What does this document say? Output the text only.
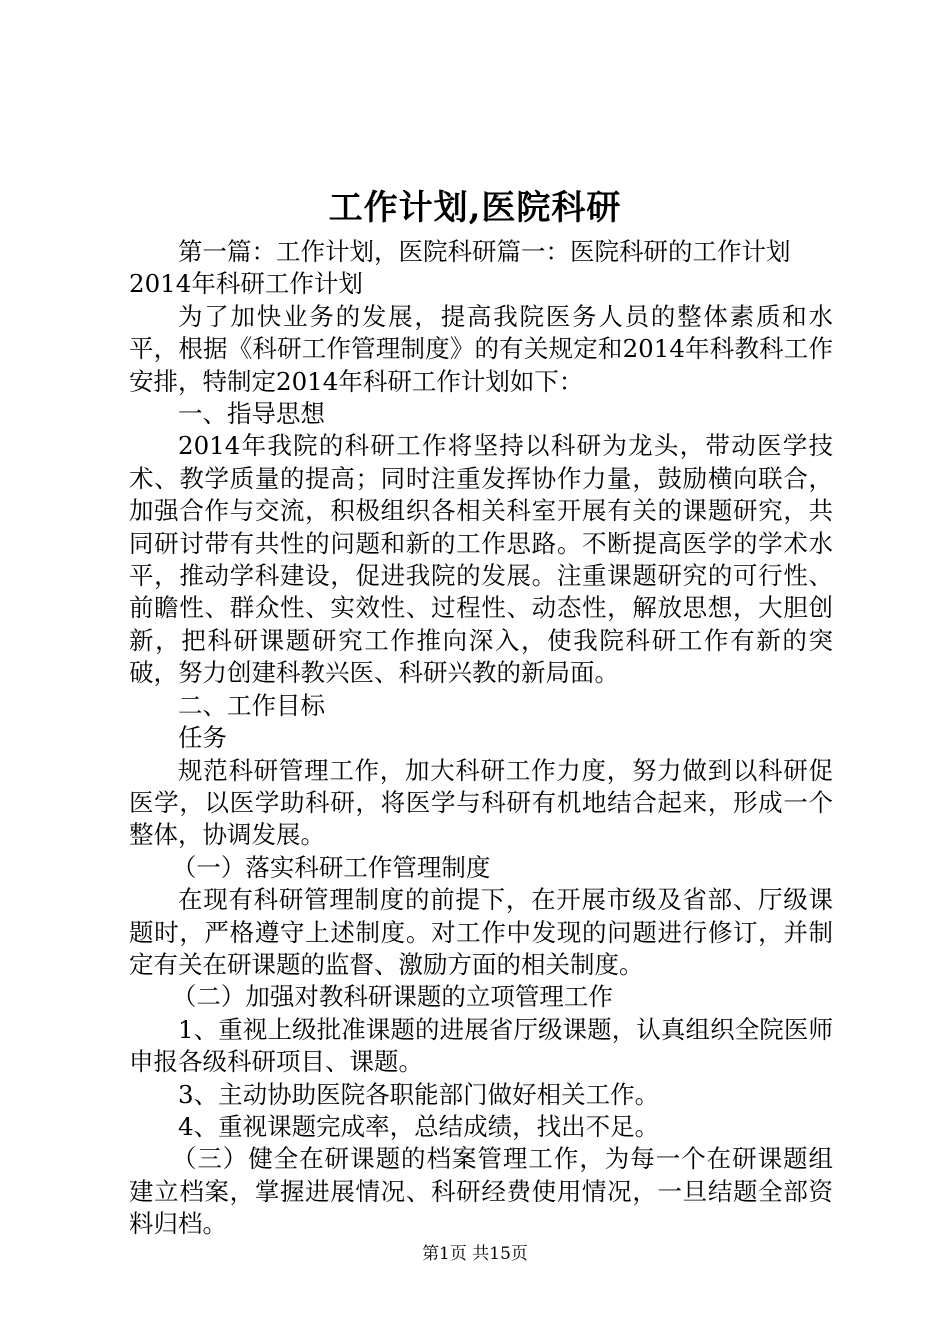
工作计划,医院科研

第一篇：工作计划，医院科研篇一：医院科研的工作计划

2014年科研工作计划

为了加快业务的发展，提高我院医务人员的整体素质和水平，根据《科研工作管理制度》的有关规定和2014年科教科工作安排，特制定2014年科研工作计划如下：

一、指导思想

2014年我院的科研工作将坚持以科研为龙头，带动医学技术、教学质量的提高；同时注重发挥协作力量，鼓励横向联合，加强合作与交流，积极组织各相关科室开展有关的课题研究，共同研讨带有共性的问题和新的工作思路。不断提高医学的学术水平，推动学科建设，促进我院的发展。注重课题研究的可行性、前瞻性、群众性、实效性、过程性、动态性，解放思想，大胆创新，把科研课题研究工作推向深入，使我院科研工作有新的突破，努力创建科教兴医、科研兴教的新局面。

二、工作目标

任务

规范科研管理工作，加大科研工作力度，努力做到以科研促医学，以医学助科研，将医学与科研有机地结合起来，形成一个整体，协调发展。

（一）落实科研工作管理制度

在现有科研管理制度的前提下，在开展市级及省部、厅级课题时，严格遵守上述制度。对工作中发现的问题进行修订，并制定有关在研课题的监督、激励方面的相关制度。

（二）加强对教科研课题的立项管理工作

1、重视上级批准课题的进展省厅级课题，认真组织全院医师申报各级科研项目、课题。

3、主动协助医院各职能部门做好相关工作。

4、重视课题完成率，总结成绩，找出不足。

（三）健全在研课题的档案管理工作，为每一个在研课题组建立档案，掌握进展情况、科研经费使用情况，一旦结题全部资料归档。

第1页 共15页
